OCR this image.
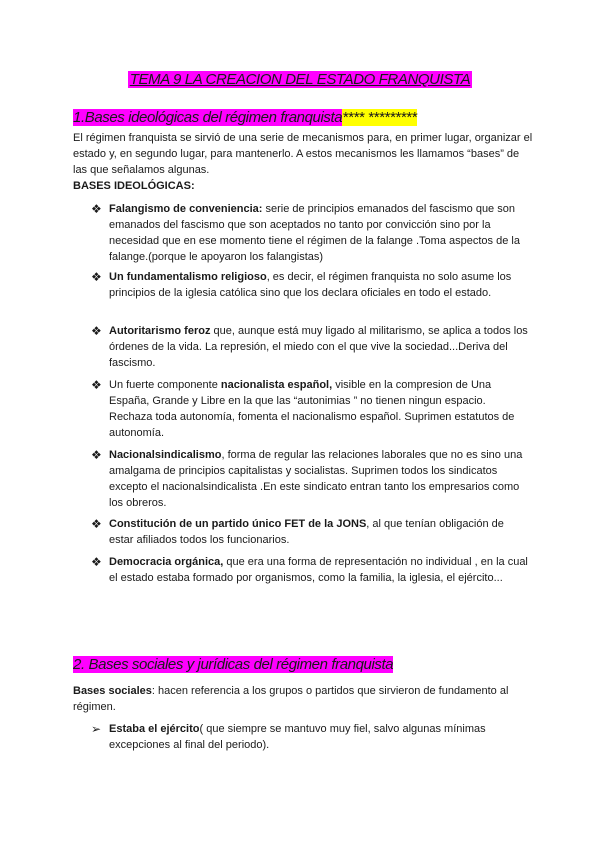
TEMA 9 LA CREACION DEL ESTADO FRANQUISTA
1.Bases ideológicas del régimen franquista**** *********

El régimen franquista se sirvió de una serie de mecanismos para, en primer lugar, organizar el estado y, en segundo lugar, para mantenerlo. A estos mecanismos les llamamos “bases” de las que señalamos algunas.

BASES IDEOLÓGICAS:
❖ Falangismo de conveniencia: serie de principios emanados del fascismo que son emanados del fascismo que son aceptados no tanto por convicción sino por la necesidad que en ese momento tiene el régimen de la falange .Toma aspectos de la falange.(porque le apoyaron los falangistas)
❖ Un fundamentalismo religioso, es decir, el régimen franquista no solo asume los principios de la iglesia católica sino que los declara oficiales en todo el estado.
❖ Autoritarismo feroz que, aunque está muy ligado al militarismo, se aplica a todos los órdenes de la vida. La represión, el miedo con el que vive la sociedad...Deriva del fascismo.
❖ Un fuerte componente nacionalista español, visible en la compresion de Una España, Grande y Libre en la que las “autonimias ” no tienen ningun espacio. Rechaza toda autonomía, fomenta el nacionalismo español. Suprimen estatutos de autonomía.
❖ Nacionalsindicalismo, forma de regular las relaciones laborales que no es sino una amalgama de principios capitalistas y socialistas. Suprimen todos los sindicatos excepto el nacionalsindicalista .En este sindicato entran tanto los empresarios como los obreros.
❖ Constitución de un partido único FET de la JONS, al que tenían obligación de estar afiliados todos los funcionarios.
❖ Democracia orgánica, que era una forma de representación no individual , en la cual el estado estaba formado por organismos, como la familia, la iglesia, el ejército...
2. Bases sociales y jurídicas del régimen franquista

Bases sociales: hacen referencia a los grupos o partidos que sirvieron de fundamento al régimen.

➢ Estaba el ejército( que siempre se mantuvo muy fiel, salvo algunas mínimas excepciones al final del periodo).
